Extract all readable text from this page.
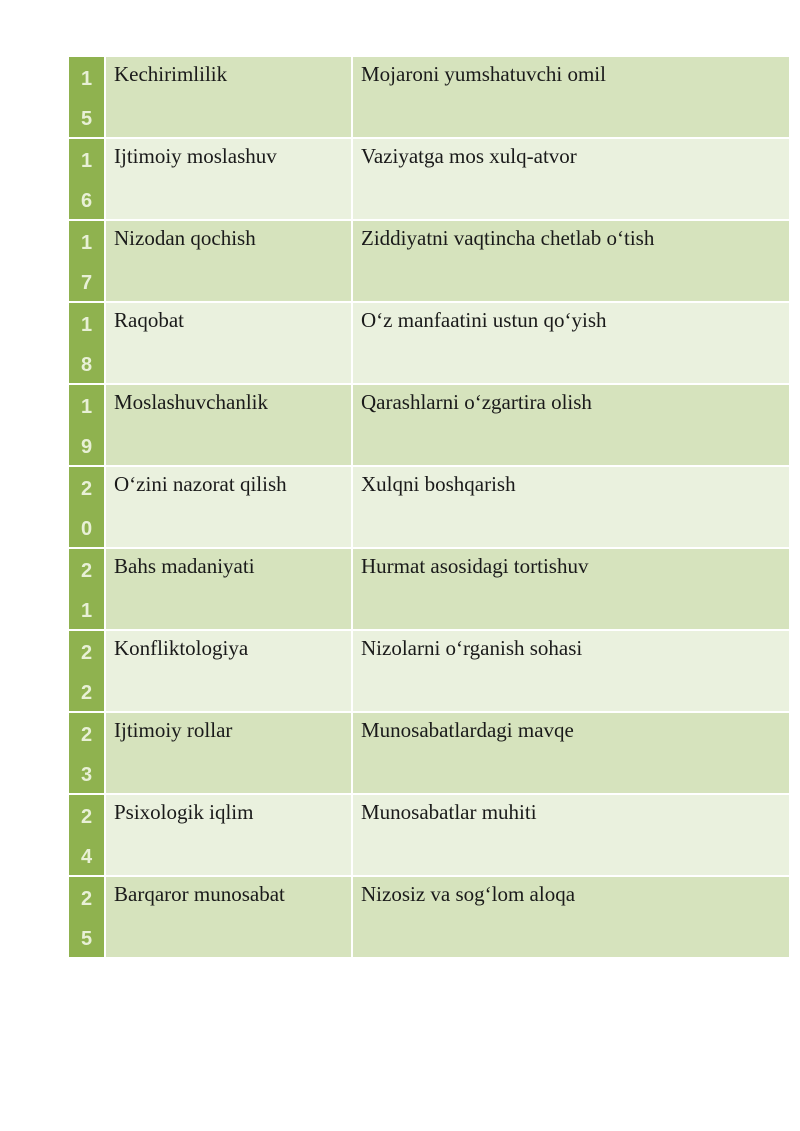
1
5	Kechirimlilik	Mojaroni yumshatuvchi omil

1
6	Ijtimoiy moslashuv	Vaziyatga mos xulq-atvor

1
7	Nizodan qochish	Ziddiyatni vaqtincha chetlab o‘tish

1
8	Raqobat	O‘z manfaatini ustun qo‘yish

1
9	Moslashuvchanlik	Qarashlarni o‘zgartira olish

2
0	O‘zini nazorat qilish	Xulqni boshqarish

2
1	Bahs madaniyati	Hurmat asosidagi tortishuv

2
2	Konfliktologiya	Nizolarni o‘rganish sohasi

2
3	Ijtimoiy rollar	Munosabatlardagi mavqe

2
4	Psixologik iqlim	Munosabatlar muhiti

2
5	Barqaror munosabat	Nizosiz va sog‘lom aloqa
